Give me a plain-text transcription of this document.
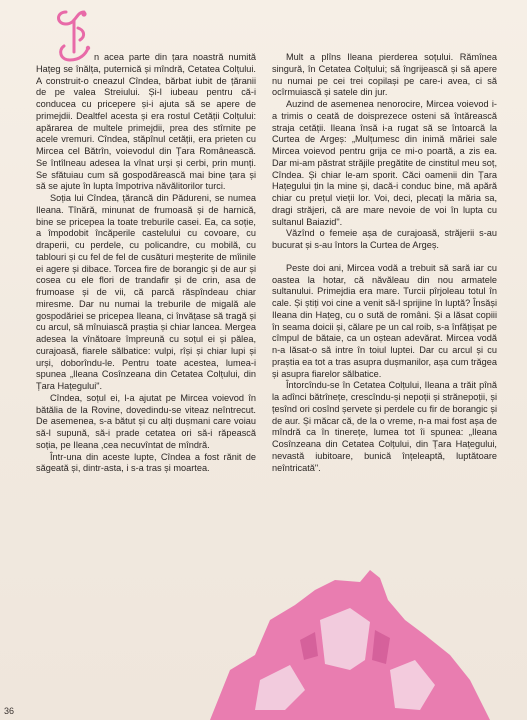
n acea parte din țara noastră numită Hațeg se înălța, puternică și mîndră, Cetatea Colțului. A construit-o cneazul Cîndea, bărbat iubit de țăranii de pe valea Streiului. Și-l iubeau pentru că-i conducea cu pricepere și-i ajuta să se apere de primejdii. Dealtfel acesta și era rostul Cetății Colțului: apărarea de multele primejdii, prea des stîrnite pe acele vremuri. Cîndea, stăpînul cetății, era prieten cu Mircea cel Bătrîn, voievodul din Țara Românească. Se întîlneau adesea la vînat urși și cerbi, prin munți. Se sfătuiau cum să gospodărească mai bine țara și să se ajute în lupta împotriva năvălitorilor turci.

Soția lui Cîndea, țărancă din Pădureni, se numea Ileana. Tînără, minunat de frumoasă și de harnică, bine se pricepea la toate treburile casei. Ea, ca soție, a împodobit încăperile castelului cu covoare, cu draperii, cu perdele, cu policandre, cu mobilă, cu tablouri și cu fel de fel de cusături meșterite de mîinile ei agere și dibace. Torcea fire de borangic și de aur și cosea cu ele flori de trandafir și de crin, asa de frumoase și de vii, că parcă răspîndeau chiar miresme. Dar nu numai la treburile de migală ale gospodăriei se pricepea Ileana, ci învățase să tragă și cu arcul, să mînuiască praștia și chiar lancea. Mergea adesea la vînătoare împreună cu soțul ei și pălea, curajoasă, fiarele sălbatice: vulpi, rîși și chiar lupi și urși, doborîndu-le. Pentru toate acestea, lumea-i spunea „Ileana Cosînzeana din Cetatea Colțului, din Țara Hațegului".

Cîndea, soțul ei, l-a ajutat pe Mircea voievod în bătălia de la Rovine, dovedindu-se viteaz neîntrecut. De asemenea, s-a bătut și cu alți dușmani care voiau să-l supună, să-i prade cetatea ori să-i răpească soția, pe Ileana ,cea necuvîntat de mîndră.

Într-una din aceste lupte, Cîndea a fost rănit de săgeată și, dintr-asta, i s-a tras și moartea.

Mult a plîns Ileana pierderea soțului. Rămînea singură, în Cetatea Colțului; să îngrijească și să apere nu numai pe cei trei copilași pe care-i avea, ci să ocîrmuiască și satele din jur.

Auzind de asemenea nenorocire, Mircea voievod i-a trimis o ceată de doisprezece osteni să întărească straja cetății. Ileana însă i-a rugat să se întoarcă la Curtea de Argeș: „Mulțumesc din inimă măriei sale Mircea voievod pentru grija ce mi-o poartă, a zis ea. Dar mi-am păstrat străjile pregătite de cinstitul meu soț, Cîndea. Și chiar le-am sporit. Căci oamenii din Țara Hațegului țin la mine și, dacă-i conduc bine, mă apără chiar cu prețul vieții lor. Voi, deci, plecați la măria sa, dragi străjeri, că are mare nevoie de voi în lupta cu sultanul Baiazid".

Văzînd o femeie așa de curajoasă, străjerii s-au bucurat și s-au întors la Curtea de Argeș.

Peste doi ani, Mircea vodă a trebuit să sară iar cu oastea la hotar, că năvăleau din nou armatele sultanului. Primejdia era mare. Turcii pîrjoleau totul în cale. Și știți voi cine a venit să-l sprijine în luptă? Însăși Ileana din Hațeg, cu o sută de români. Și a lăsat copiii în seama doicii și, călare pe un cal roib, s-a înfățișat pe cîmpul de bătaie, ca un oștean adevărat. Mircea vodă n-a lăsat-o să intre în toiul luptei. Dar cu arcul și cu praștia ea tot a tras asupra dușmanilor, așa cum trăgea și asupra fiarelor sălbatice.

Întorcîndu-se în Cetatea Colțului, Ileana a trăit pînă la adînci bătrînețe, crescîndu-și nepoții și strănepoții, și țesînd ori cosînd șervete și perdele cu fir de borangic și de aur. Și măcar că, de la o vreme, n-a mai fost așa de mîndră ca în tinerețe, lumea tot îi spunea: „Ileana Cosînzeana din Cetatea Colțului, din Țara Hațegului, nevastă iubitoare, bunică înțeleaptă, luptătoare neîntricată".

36
